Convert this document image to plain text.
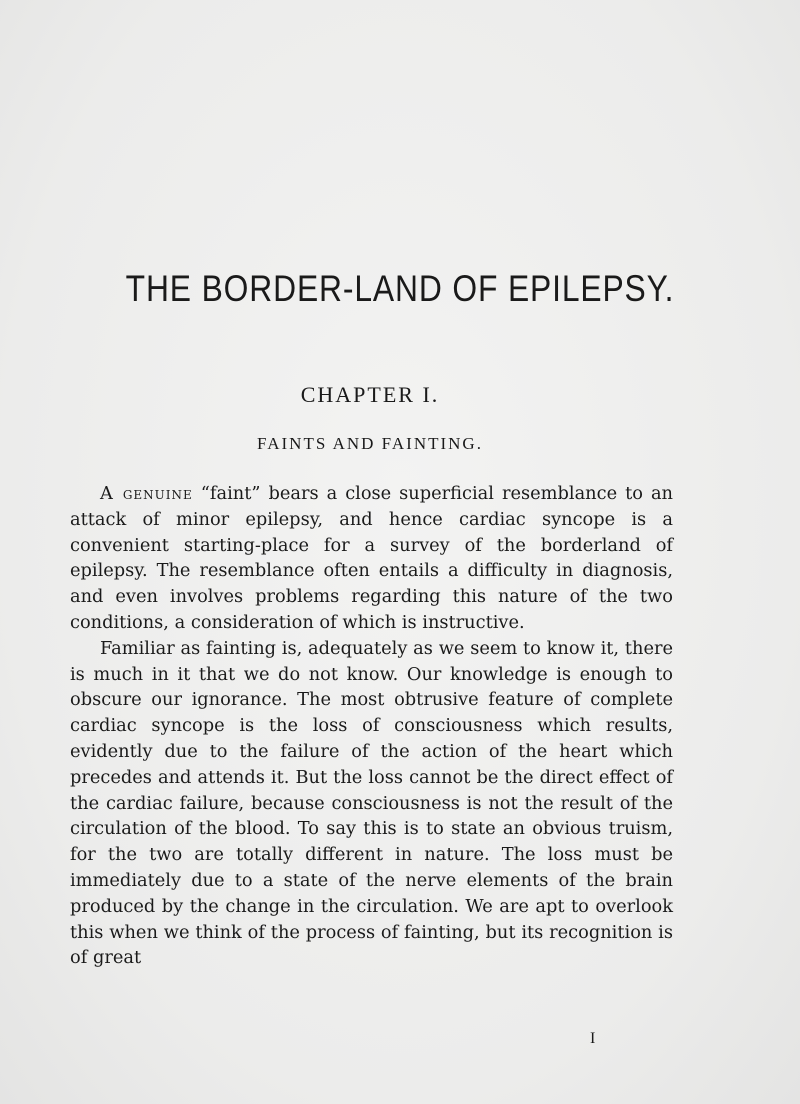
THE BORDER-LAND OF EPILEPSY.
CHAPTER I.
FAINTS AND FAINTING.

A genuine “faint” bears a close superficial resemblance to an attack of minor epilepsy, and hence cardiac syncope is a convenient starting-place for a survey of the borderland of epilepsy. The resemblance often entails a difficulty in diagnosis, and even involves problems regarding this nature of the two conditions, a consideration of which is instructive.

Familiar as fainting is, adequately as we seem to know it, there is much in it that we do not know. Our knowledge is enough to obscure our ignorance. The most obtrusive feature of complete cardiac syncope is the loss of consciousness which results, evidently due to the failure of the action of the heart which precedes and attends it. But the loss cannot be the direct effect of the cardiac failure, because consciousness is not the result of the circulation of the blood. To say this is to state an obvious truism, for the two are totally different in nature. The loss must be immediately due to a state of the nerve elements of the brain produced by the change in the circulation. We are apt to overlook this when we think of the process of fainting, but its recognition is of great

I
